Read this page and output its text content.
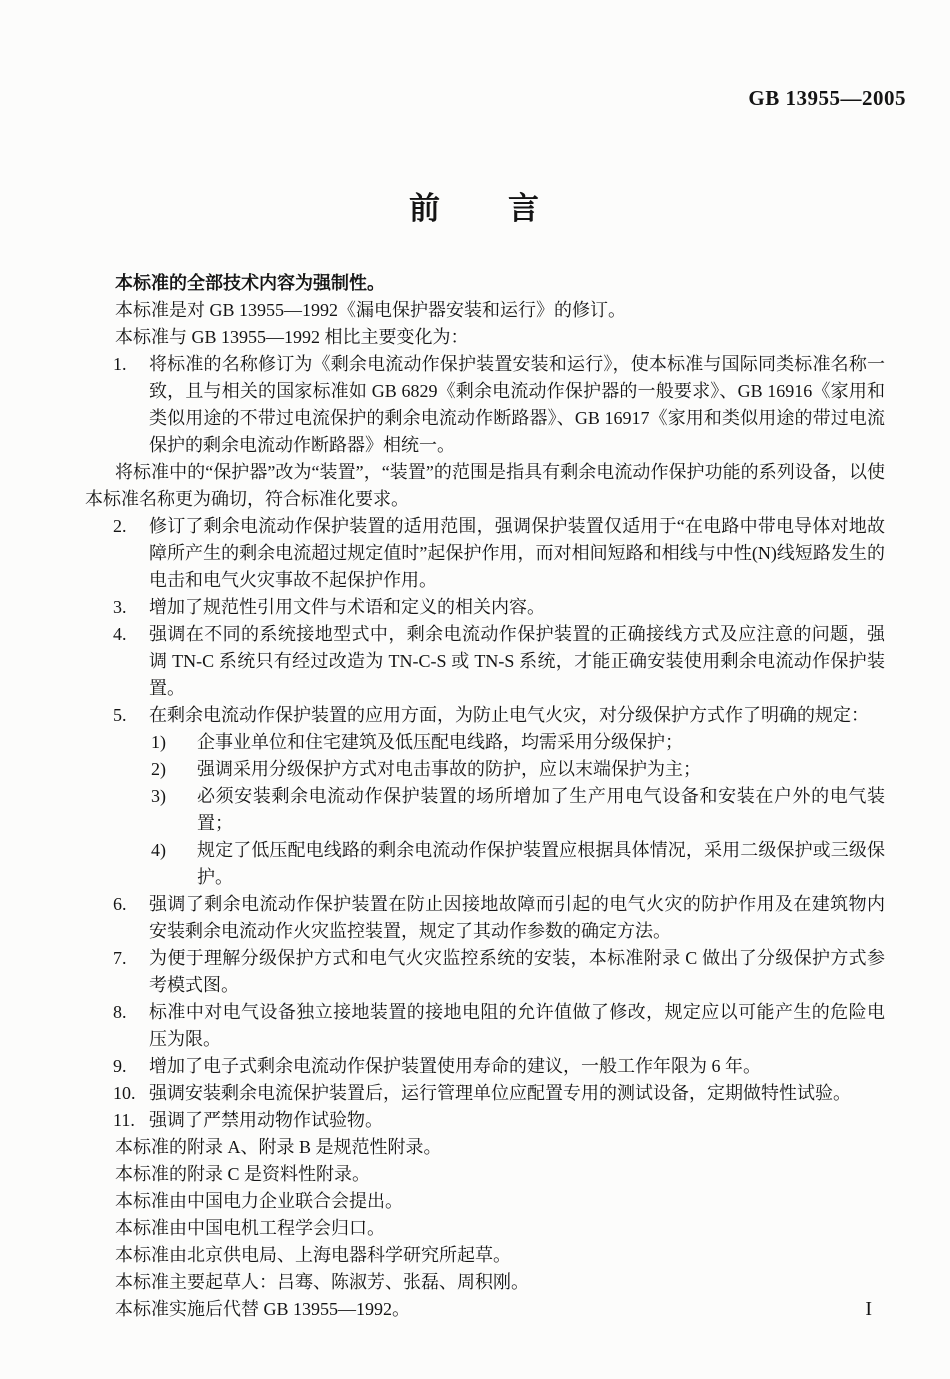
GB 13955—2005
前　　言
本标准的全部技术内容为强制性。
本标准是对 GB 13955—1992《漏电保护器安装和运行》的修订。
本标准与 GB 13955—1992 相比主要变化为：
1.	将标准的名称修订为《剩余电流动作保护装置安装和运行》，使本标准与国际同类标准名称一致，且与相关的国家标准如 GB 6829《剩余电流动作保护器的一般要求》、GB 16916《家用和类似用途的不带过电流保护的剩余电流动作断路器》、GB 16917《家用和类似用途的带过电流保护的剩余电流动作断路器》相统一。
将标准中的“保护器”改为“装置”，“装置”的范围是指具有剩余电流动作保护功能的系列设备，以使本标准名称更为确切，符合标准化要求。
2.	修订了剩余电流动作保护装置的适用范围，强调保护装置仅适用于“在电路中带电导体对地故障所产生的剩余电流超过规定值时”起保护作用，而对相间短路和相线与中性(N)线短路发生的电击和电气火灾事故不起保护作用。
3.	增加了规范性引用文件与术语和定义的相关内容。
4.	强调在不同的系统接地型式中，剩余电流动作保护装置的正确接线方式及应注意的问题，强调 TN-C 系统只有经过改造为 TN-C-S 或 TN-S 系统，才能正确安装使用剩余电流动作保护装置。
5.	在剩余电流动作保护装置的应用方面，为防止电气火灾，对分级保护方式作了明确的规定：
1)	企事业单位和住宅建筑及低压配电线路，均需采用分级保护；
2)	强调采用分级保护方式对电击事故的防护，应以末端保护为主；
3)	必须安装剩余电流动作保护装置的场所增加了生产用电气设备和安装在户外的电气装置；
4)	规定了低压配电线路的剩余电流动作保护装置应根据具体情况，采用二级保护或三级保护。
6.	强调了剩余电流动作保护装置在防止因接地故障而引起的电气火灾的防护作用及在建筑物内安装剩余电流动作火灾监控装置，规定了其动作参数的确定方法。
7.	为便于理解分级保护方式和电气火灾监控系统的安装，本标准附录 C 做出了分级保护方式参考模式图。
8.	标准中对电气设备独立接地装置的接地电阻的允许值做了修改，规定应以可能产生的危险电压为限。
9.	增加了电子式剩余电流动作保护装置使用寿命的建议，一般工作年限为 6 年。
10. 强调安装剩余电流保护装置后，运行管理单位应配置专用的测试设备，定期做特性试验。
11. 强调了严禁用动物作试验物。
本标准的附录 A、附录 B 是规范性附录。
本标准的附录 C 是资料性附录。
本标准由中国电力企业联合会提出。
本标准由中国电机工程学会归口。
本标准由北京供电局、上海电器科学研究所起草。
本标准主要起草人：吕骞、陈淑芳、张磊、周积刚。
本标准实施后代替 GB 13955—1992。	I
